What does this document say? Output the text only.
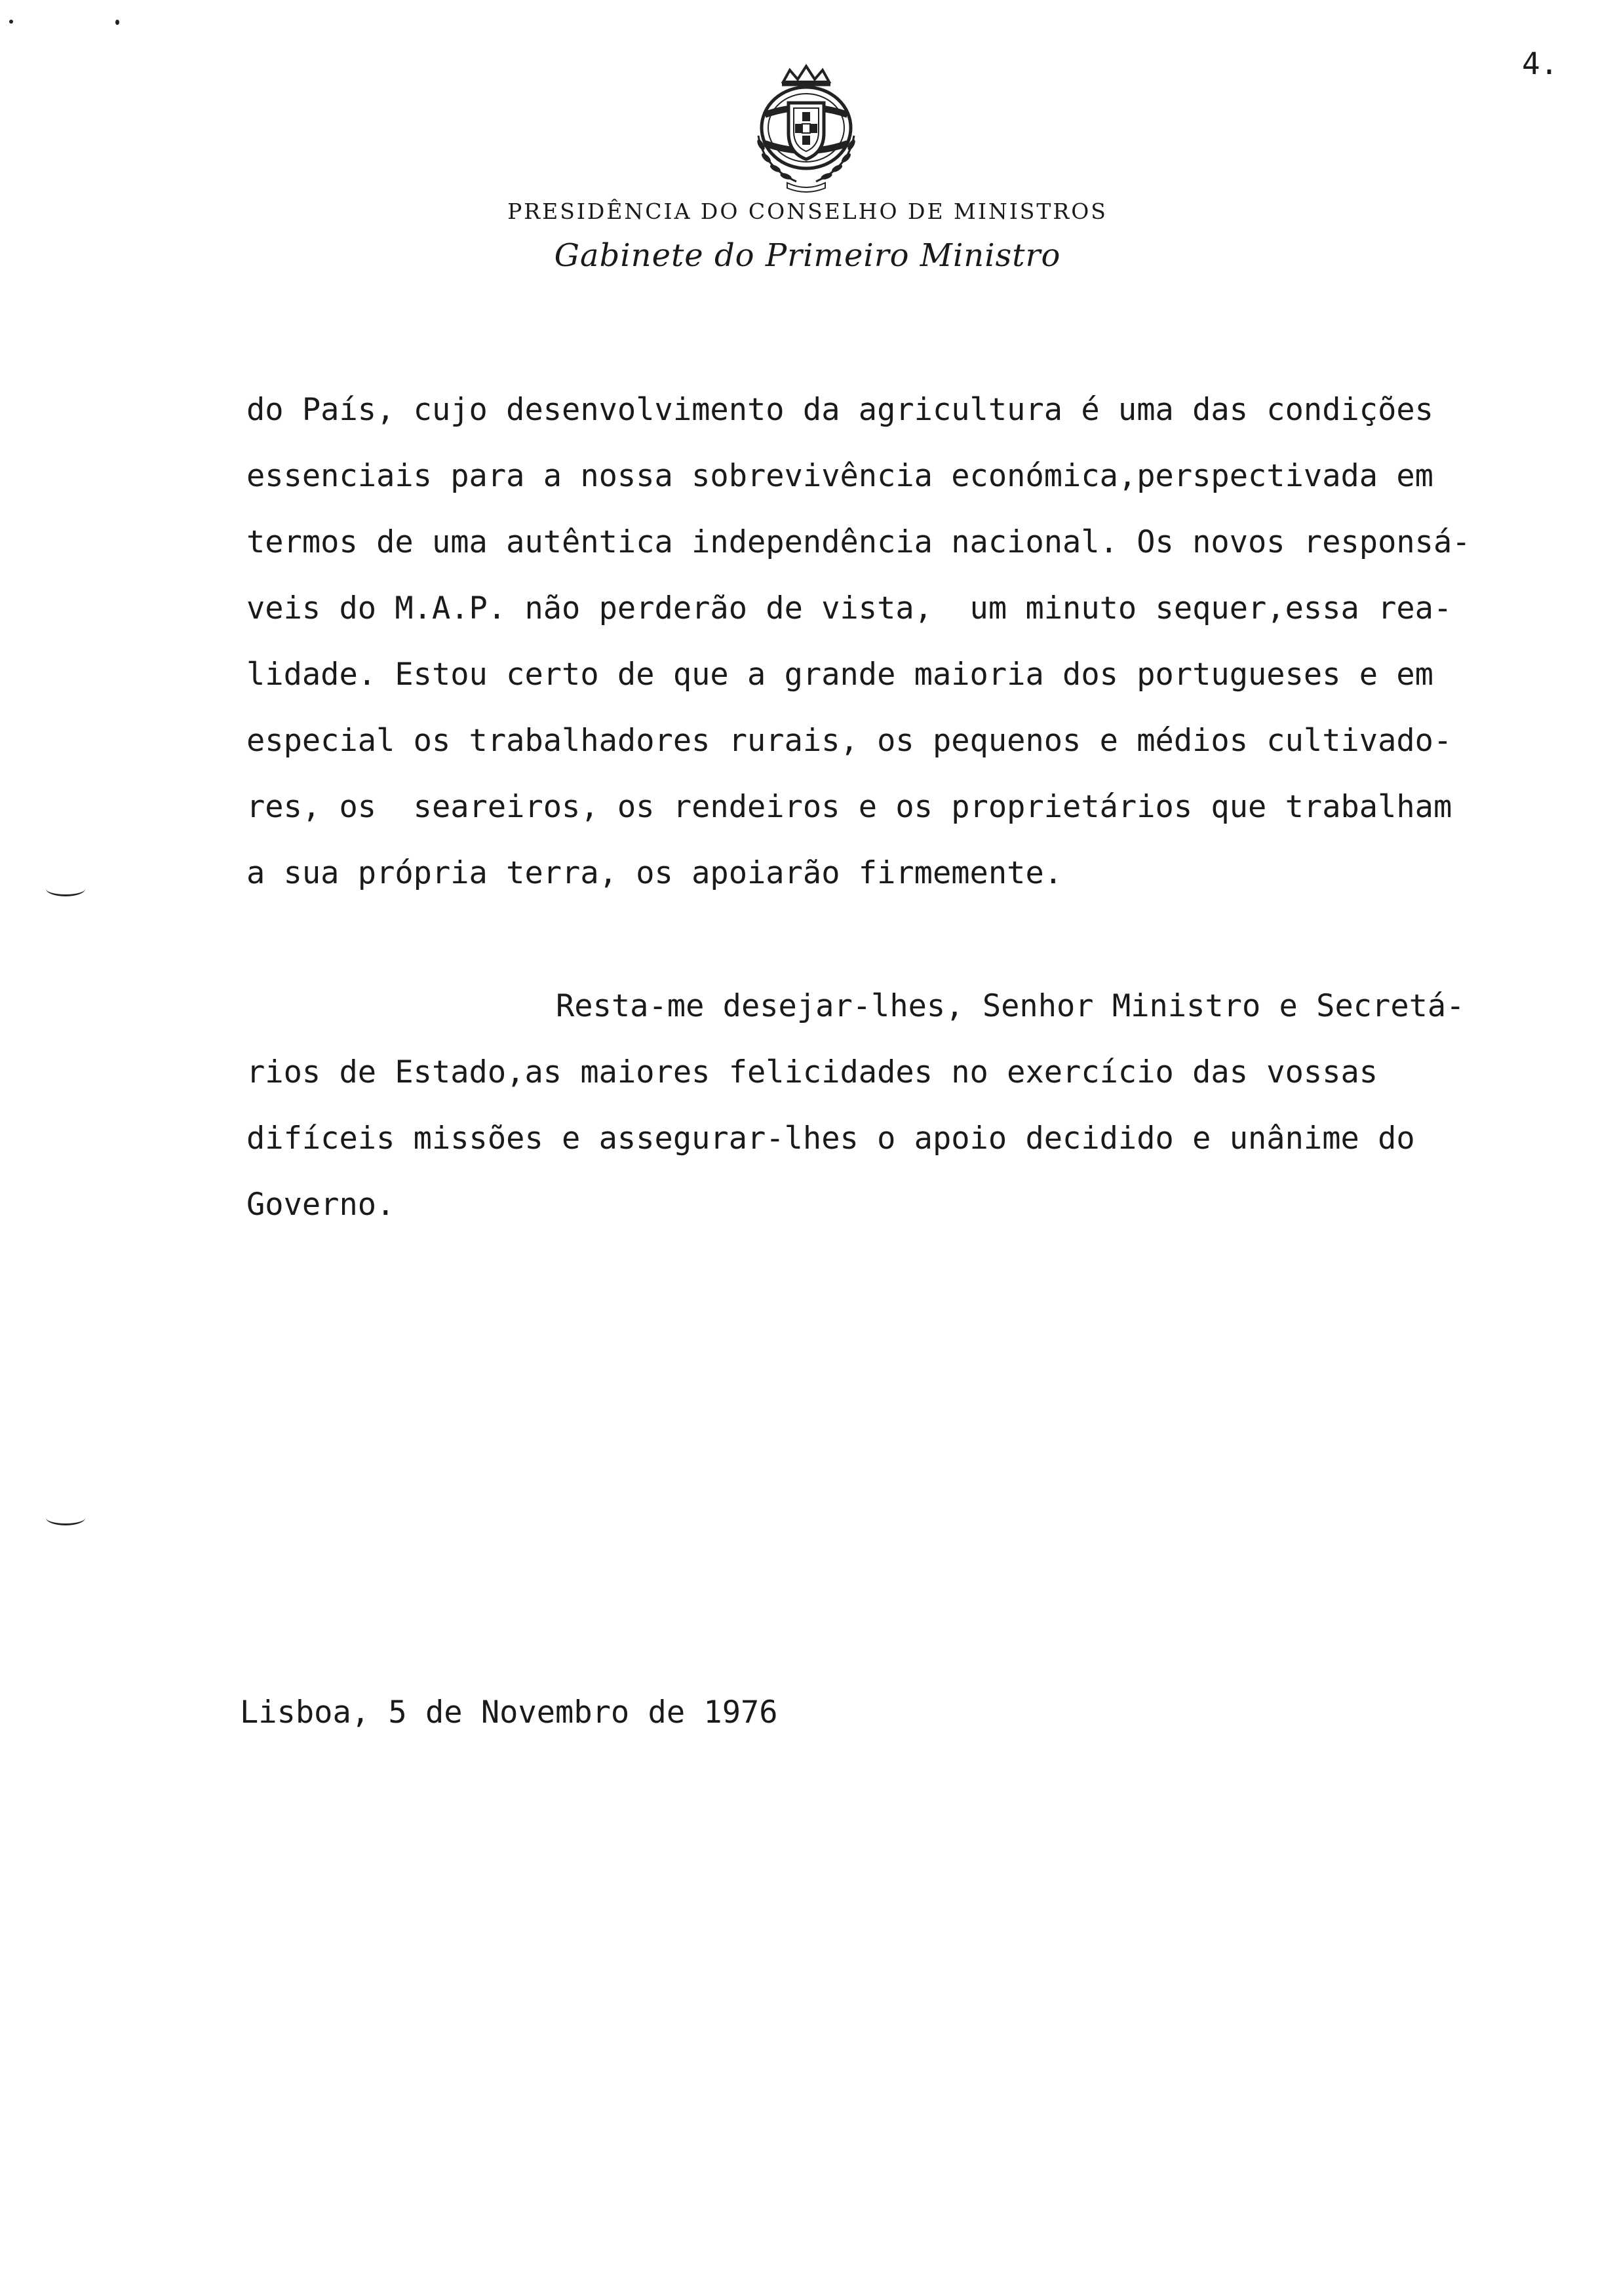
4.
PRESIDÊNCIA DO CONSELHO DE MINISTROS
Gabinete do Primeiro Ministro
do País, cujo desenvolvimento da agricultura é uma das condições
essenciais para a nossa sobrevivência económica,perspectivada em
termos de uma autêntica independência nacional. Os novos responsá-
veis do M.A.P. não perderão de vista,  um minuto sequer,essa rea-
lidade. Estou certo de que a grande maioria dos portugueses e em
especial os trabalhadores rurais, os pequenos e médios cultivado-
res, os  seareiros, os rendeiros e os proprietários que trabalham
a sua própria terra, os apoiarão firmemente.
Resta-me desejar-lhes, Senhor Ministro e Secretá-
rios de Estado,as maiores felicidades no exercício das vossas
difíceis missões e assegurar-lhes o apoio decidido e unânime do
Governo.
Lisboa, 5 de Novembro de 1976
